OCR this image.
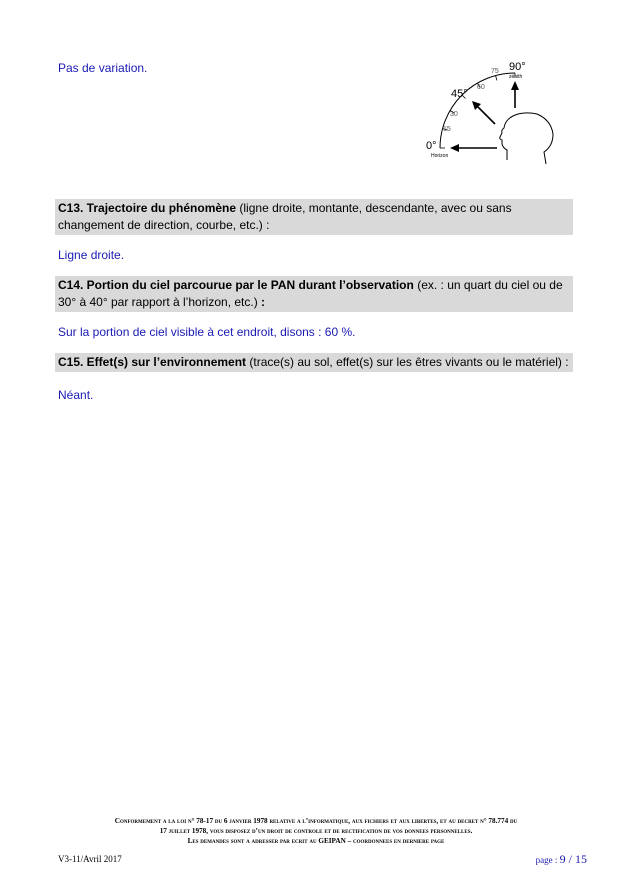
Pas de variation.	90°
zénith
75
60
45°
30
15
0°
Horizon
C13. Trajectoire du phénomène (ligne droite, montante, descendante, avec ou sans changement de direction, courbe, etc.) :
Ligne droite.
C14. Portion du ciel parcourue par le PAN durant l’observation (ex. : un quart du ciel ou de 30° à 40° par rapport à l’horizon, etc.) :
Sur la portion de ciel visible à cet endroit, disons : 60 %.
C15. Effet(s) sur l’environnement (trace(s) au sol, effet(s) sur les êtres vivants ou le matériel) :
Néant.
Conformement a la loi n° 78-17 du 6 janvier 1978 relative a l’informatique, aux fichiers et aux libertes, et au decret n° 78.774 du
17 juillet 1978, vous disposez d’un droit de controle et de rectification de vos donnees personnelles.
Les demandes sont a adresser par ecrit au GEIPAN – coordonnees en derniere page
V3-11/Avril 2017	page : 9 / 15
